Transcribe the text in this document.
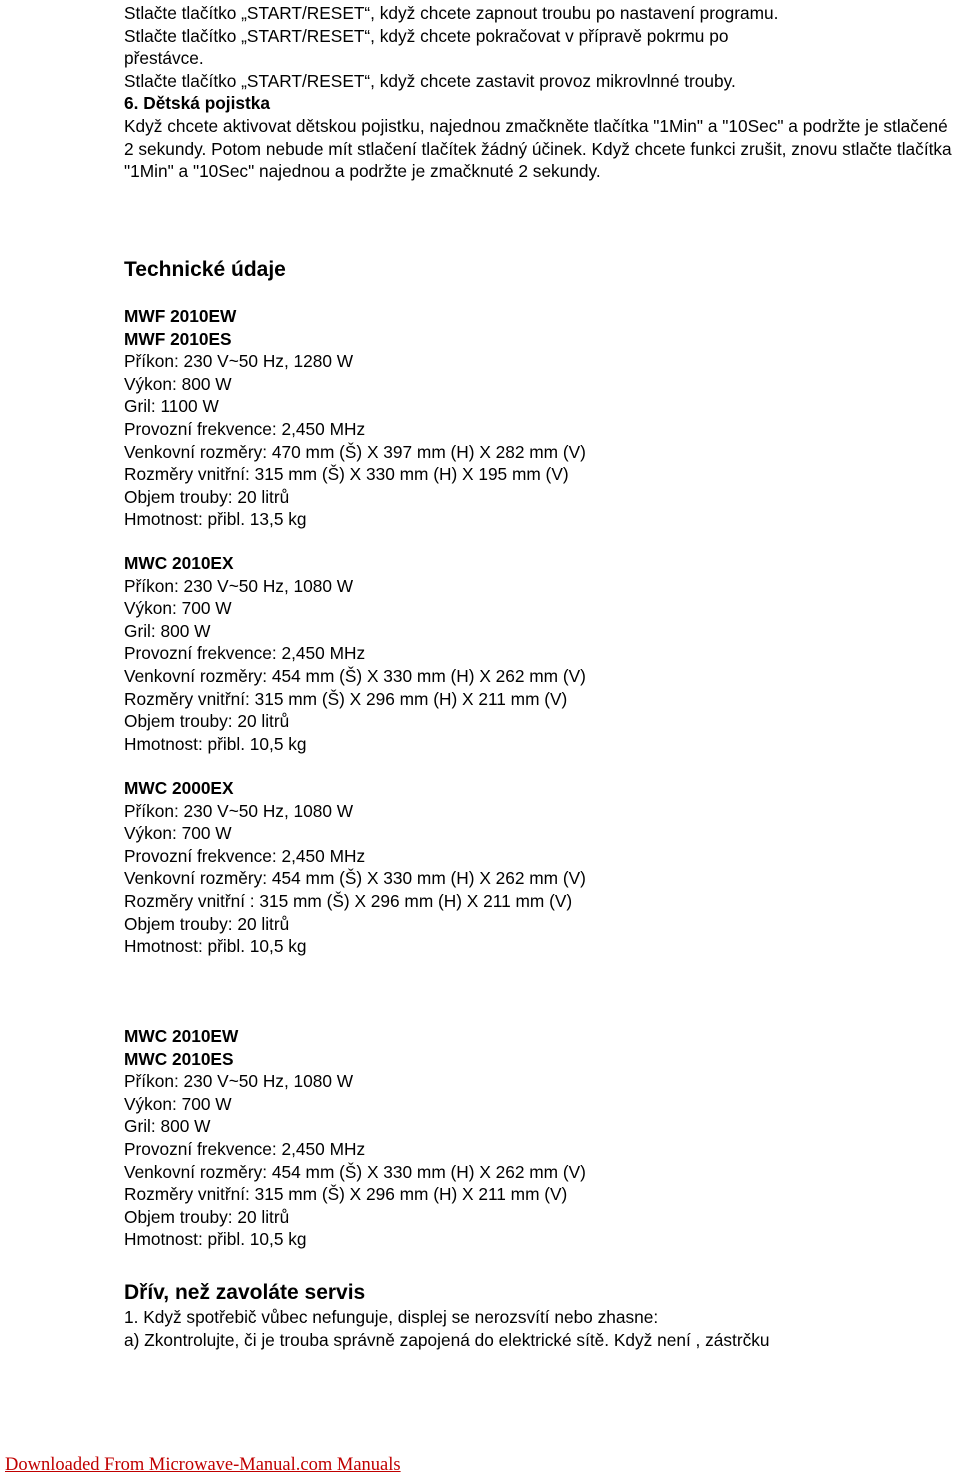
Stlačte tlačítko „START/RESET“, když chcete zapnout troubu po nastavení programu.

Stlačte tlačítko „START/RESET“, když chcete pokračovat v přípravě pokrmu po

přestávce.

Stlačte tlačítko „START/RESET“, když chcete zastavit provoz mikrovlnné trouby.

6. Dětská pojistka

Když chcete aktivovat dětskou pojistku, najednou zmačkněte tlačítka "1Min" a "10Sec" a podržte je stlačené 2 sekundy. Potom nebude mít stlačení tlačítek žádný účinek. Když chcete funkci zrušit, znovu stlačte tlačítka "1Min" a "10Sec" najednou a podržte je zmačknuté 2 sekundy.

Technické údaje

MWF 2010EW

MWF 2010ES

Příkon: 230 V~50 Hz, 1280 W

Výkon: 800 W

Gril: 1100 W

Provozní frekvence: 2,450 MHz

Venkovní rozměry: 470 mm (Š) X 397 mm (H) X 282 mm (V)

Rozměry vnitřní: 315 mm (Š) X 330 mm (H) X 195 mm (V)

Objem trouby: 20 litrů

Hmotnost: přibl. 13,5 kg

MWC 2010EX

Příkon: 230 V~50 Hz, 1080 W

Výkon: 700 W

Gril: 800 W

Provozní frekvence: 2,450 MHz

Venkovní rozměry: 454 mm (Š) X 330 mm (H) X 262 mm (V)

Rozměry vnitřní: 315 mm (Š) X 296 mm (H) X 211 mm (V)

Objem trouby: 20 litrů

Hmotnost: přibl. 10,5 kg

MWC 2000EX

Příkon: 230 V~50 Hz, 1080 W

Výkon: 700 W

Provozní frekvence: 2,450 MHz

Venkovní rozměry: 454 mm (Š) X 330 mm (H) X 262 mm (V)

Rozměry vnitřní : 315 mm (Š) X 296 mm (H) X 211 mm (V)

Objem trouby: 20 litrů

Hmotnost: přibl. 10,5 kg

MWC 2010EW

MWC 2010ES

Příkon: 230 V~50 Hz, 1080 W

Výkon: 700 W

Gril: 800 W

Provozní frekvence: 2,450 MHz

Venkovní rozměry: 454 mm (Š) X 330 mm (H) X 262 mm (V)

Rozměry vnitřní: 315 mm (Š) X 296 mm (H) X 211 mm (V)

Objem trouby: 20 litrů

Hmotnost: přibl. 10,5 kg

Dřív, než zavoláte servis

1. Když spotřebič vůbec nefunguje, displej se nerozsvítí nebo zhasne:

a) Zkontrolujte, či je trouba správně zapojená do elektrické sítě. Když není , zástrčku

Downloaded From Microwave-Manual.com Manuals
